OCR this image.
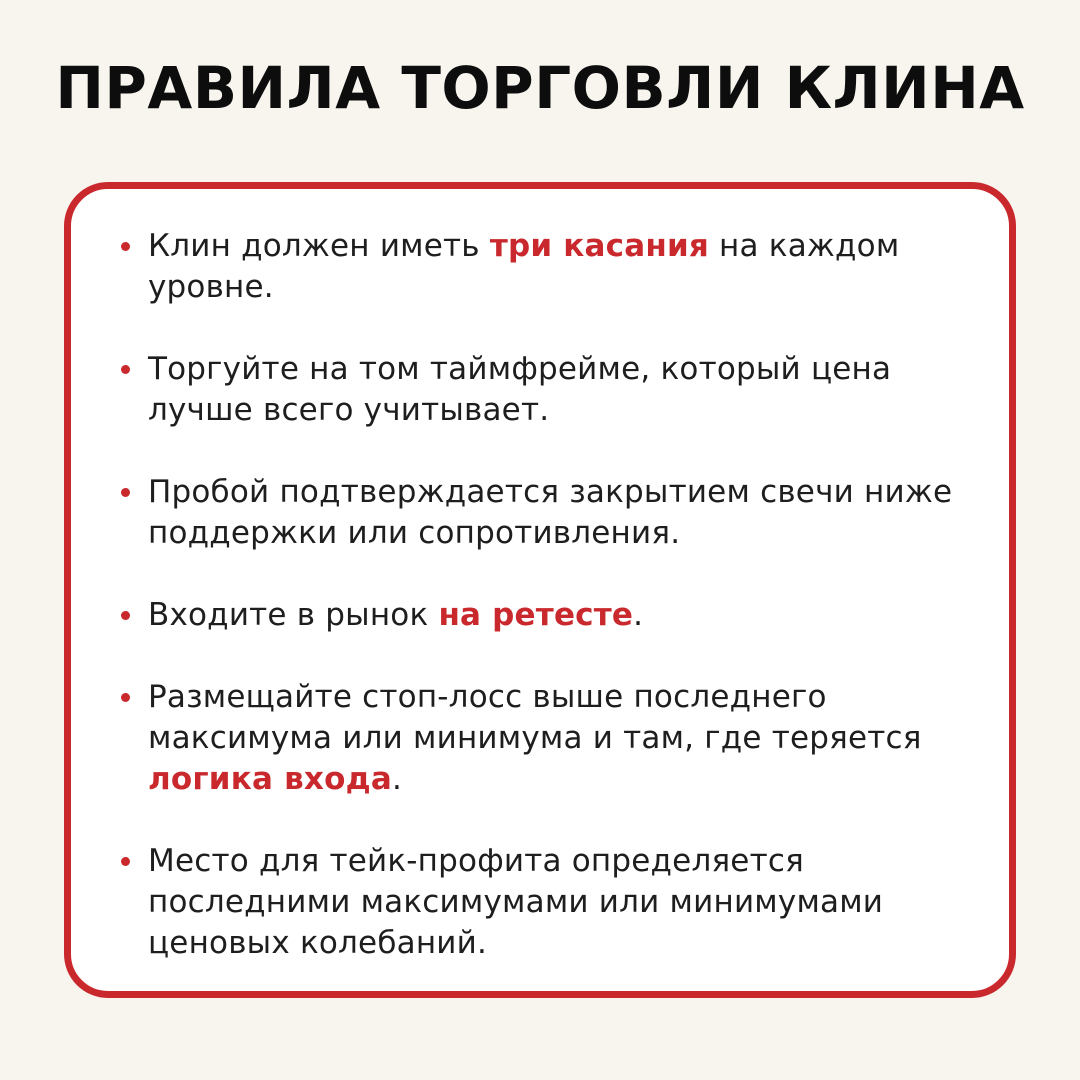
ПРАВИЛА ТОРГОВЛИ КЛИНА
Клин должен иметь три касания на каждом уровне.
Торгуйте на том таймфрейме, который цена лучше всего учитывает.
Пробой подтверждается закрытием свечи ниже поддержки или сопротивления.
Входите в рынок на ретесте.
Размещайте стоп-лосс выше последнего максимума или минимума и там, где теряется логика входа.
Место для тейк-профита определяется последними максимумами или минимумами ценовых колебаний.
